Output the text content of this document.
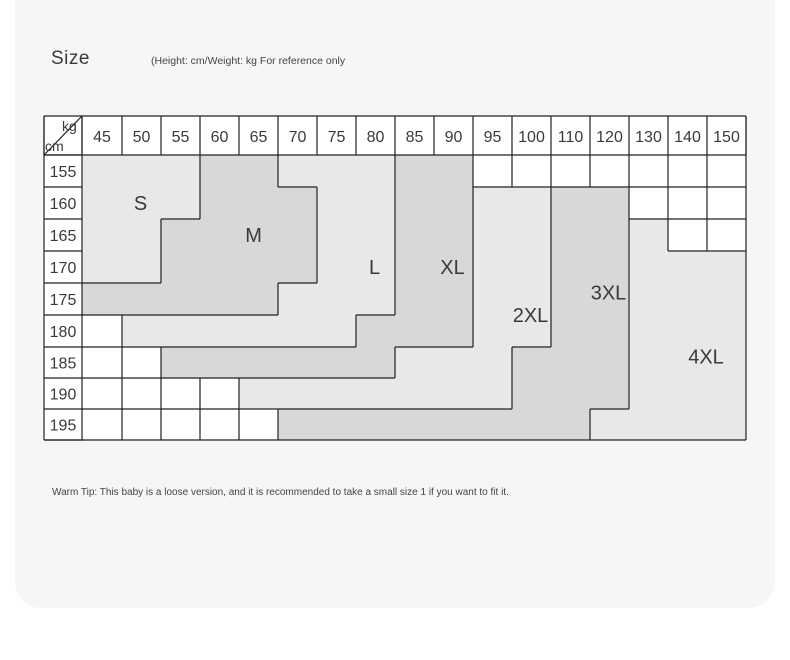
Size	(Height: cm/Weight: kg For reference only
kg
cm 45 50 55 60 65 70 75 80 85 90 95 100 110 120 130 140 150
155
160
165
170
175
180
185
190
195
S
M
L	XL
2XL
3XL
4XL
Warm Tip: This baby is a loose version, and it is recommended to take a small size 1 if you want to fit it.
